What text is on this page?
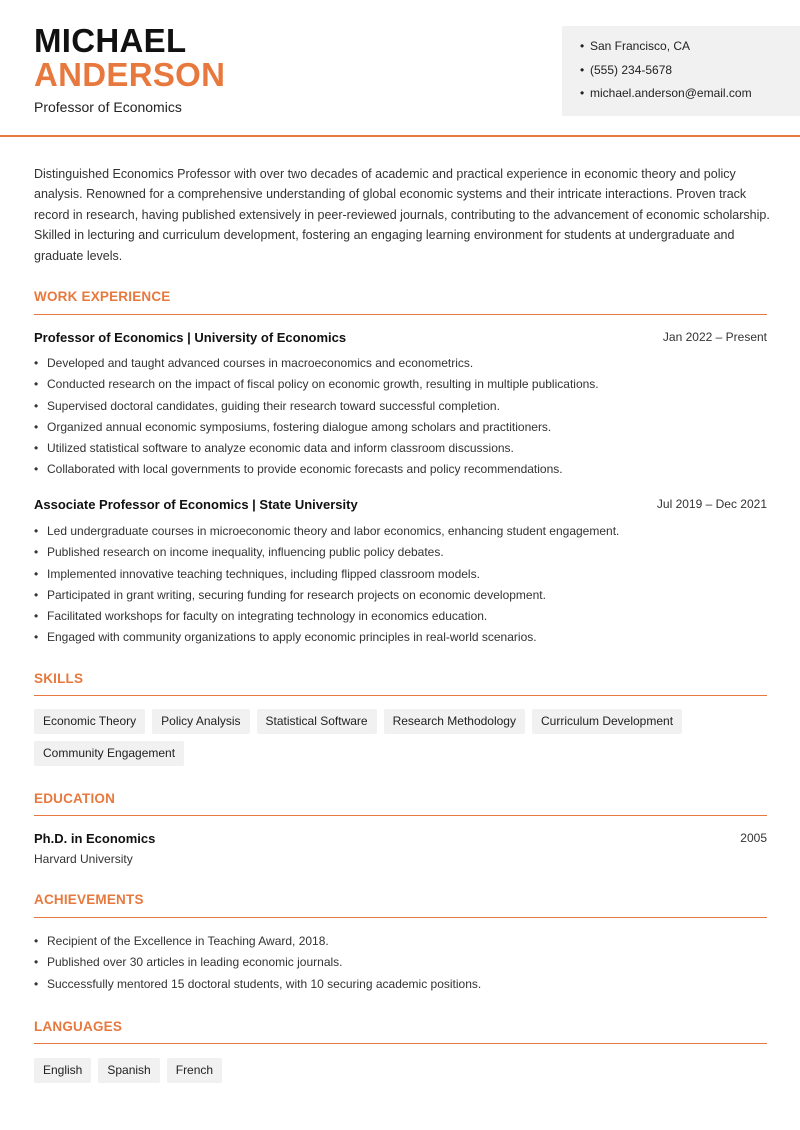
MICHAEL
ANDERSON
Professor of Economics
• San Francisco, CA
• (555) 234-5678
• michael.anderson@email.com
Distinguished Economics Professor with over two decades of academic and practical experience in economic theory and policy analysis. Renowned for a comprehensive understanding of global economic systems and their intricate interactions. Proven track record in research, having published extensively in peer-reviewed journals, contributing to the advancement of economic scholarship. Skilled in lecturing and curriculum development, fostering an engaging learning environment for students at undergraduate and graduate levels.
WORK EXPERIENCE
Professor of Economics | University of Economics	Jan 2022 – Present
• Developed and taught advanced courses in macroeconomics and econometrics.
• Conducted research on the impact of fiscal policy on economic growth, resulting in multiple publications.
• Supervised doctoral candidates, guiding their research toward successful completion.
• Organized annual economic symposiums, fostering dialogue among scholars and practitioners.
• Utilized statistical software to analyze economic data and inform classroom discussions.
• Collaborated with local governments to provide economic forecasts and policy recommendations.
Associate Professor of Economics | State University	Jul 2019 – Dec 2021
• Led undergraduate courses in microeconomic theory and labor economics, enhancing student engagement.
• Published research on income inequality, influencing public policy debates.
• Implemented innovative teaching techniques, including flipped classroom models.
• Participated in grant writing, securing funding for research projects on economic development.
• Facilitated workshops for faculty on integrating technology in economics education.
• Engaged with community organizations to apply economic principles in real-world scenarios.
SKILLS
Economic Theory Policy Analysis Statistical Software Research Methodology Curriculum Development
Community Engagement
EDUCATION
Ph.D. in Economics	2005
Harvard University
ACHIEVEMENTS
• Recipient of the Excellence in Teaching Award, 2018.
• Published over 30 articles in leading economic journals.
• Successfully mentored 15 doctoral students, with 10 securing academic positions.
LANGUAGES
English Spanish French
